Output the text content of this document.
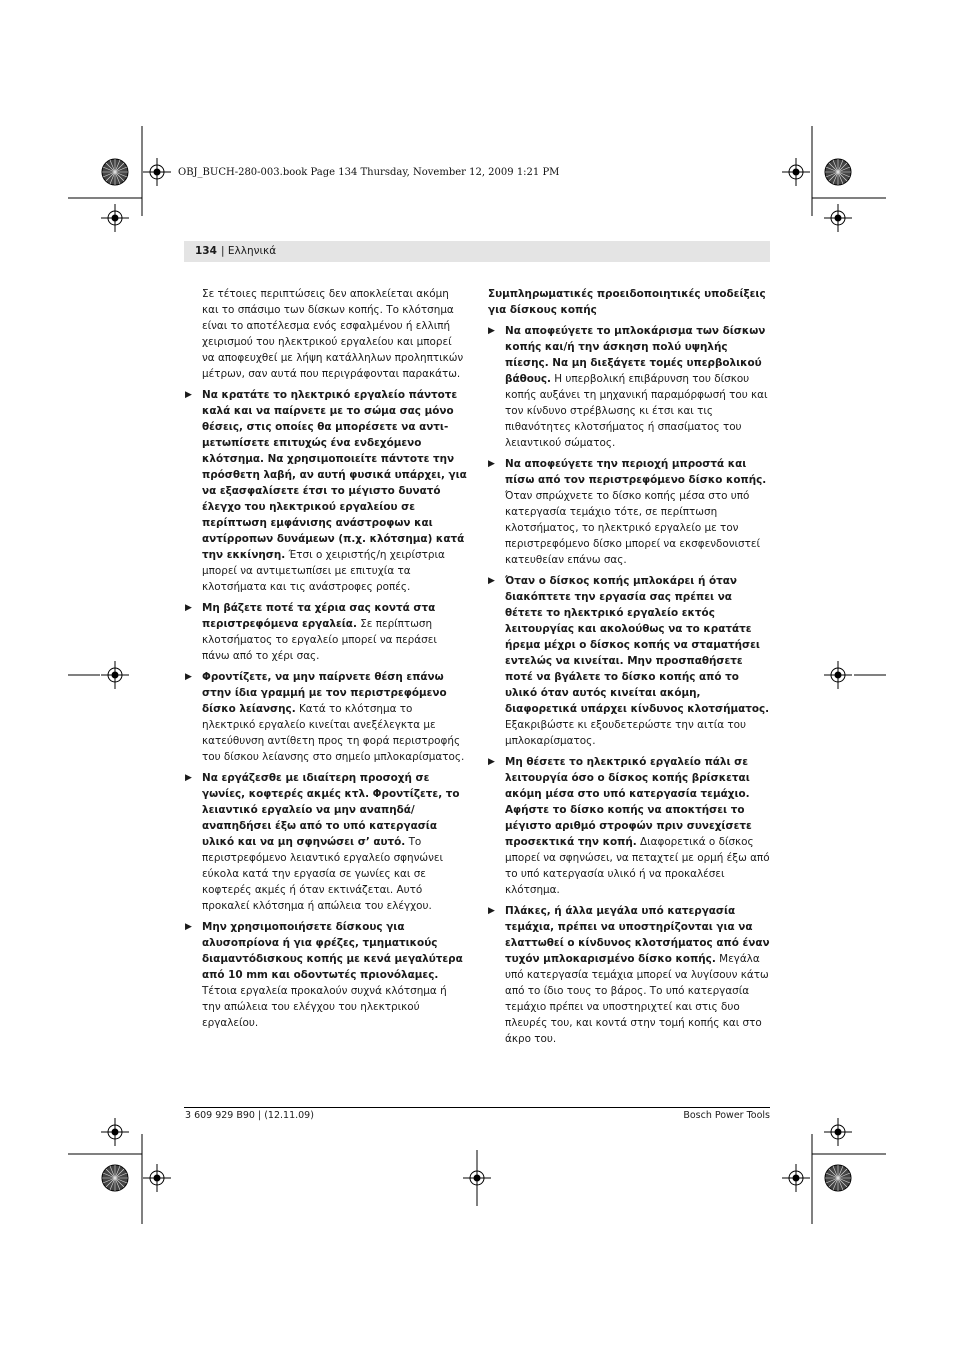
OBJ_BUCH-280-003.book Page 134 Thursday, November 12, 2009 1:21 PM
134 | Ελληνικά

Σε τέτοιες περιπτώσεις δεν αποκλείεται ακόμη και το σπάσιμο των δίσκων κοπής. Το κλότσημα είναι το αποτέλεσμα ενός εσφαλμένου ή ελλιπή χειρισμού του ηλεκτρικού εργαλείου και μπορεί να αποφευχθεί με λήψη κατάλληλων προληπτικών μέτρων, σαν αυτά που περιγράφονται παρακάτω.

▶ Να κρατάτε το ηλεκτρικό εργαλείο πάντοτε καλά και να παίρνετε με το σώμα σας μόνο θέσεις, στις οποίες θα μπορέσετε να αντιμετωπίσετε επιτυχώς ένα ενδεχόμενο κλότσημα. Να χρησιμοποιείτε πάντοτε την πρόσθετη λαβή, αν αυτή φυσικά υπάρχει, για να εξασφαλίσετε έτσι το μέγιστο δυνατό έλεγχο του ηλεκτρικού εργαλείου σε περίπτωση εμφάνισης ανάστροφων και αντίρροπων δυνάμεων (π.χ. κλότσημα) κατά την εκκίνηση. Έτσι ο χειριστής/η χειρίστρια μπορεί να αντιμετωπίσει με επιτυχία τα κλοτσήματα και τις ανάστροφες ροπές.

▶ Μη βάζετε ποτέ τα χέρια σας κοντά στα περιστρεφόμενα εργαλεία. Σε περίπτωση κλοτσήματος το εργαλείο μπορεί να περάσει πάνω από το χέρι σας.

▶ Φροντίζετε, να μην παίρνετε θέση επάνω στην ίδια γραμμή με τον περιστρεφόμενο δίσκο λείανσης. Κατά το κλότσημα το ηλεκτρικό εργαλείο κινείται ανεξέλεγκτα με κατεύθυνση αντίθετη προς τη φορά περιστροφής του δίσκου λείανσης στο σημείο μπλοκαρίσματος.

▶ Να εργάζεσθε με ιδιαίτερη προσοχή σε γωνίες, κοφτερές ακμές κτλ. Φροντίζετε, το λειαντικό εργαλείο να μην αναπηδά/αναπηδήσει έξω από το υπό κατεργασία υλικό και να μη σφηνώσει σ’ αυτό. Το περιστρεφόμενο λειαντικό εργαλείο σφηνώνει εύκολα κατά την εργασία σε γωνίες και σε κοφτερές ακμές ή όταν εκτινάζεται. Αυτό προκαλεί κλότσημα ή απώλεια του ελέγχου.

▶ Μην χρησιμοποιήσετε δίσκους για αλυσοπρίονα ή για φρέζες, τμηματικούς διαμαντόδισκους κοπής με κενά μεγαλύτερα από 10 mm και οδοντωτές πριονόλαμες. Τέτοια εργαλεία προκαλούν συχνά κλότσημα ή την απώλεια του ελέγχου του ηλεκτρικού εργαλείου.

Συμπληρωματικές προειδοποιητικές υποδείξεις για δίσκους κοπής

▶ Να αποφεύγετε το μπλοκάρισμα των δίσκων κοπής και/ή την άσκηση πολύ υψηλής πίεσης. Να μη διεξάγετε τομές υπερβολικού βάθους. Η υπερβολική επιβάρυνση του δίσκου κοπής αυξάνει τη μηχανική παραμόρφωσή του και τον κίνδυνο στρέβλωσης κι έτσι και τις πιθανότητες κλοτσήματος ή σπασίματος του λειαντικού σώματος.

▶ Να αποφεύγετε την περιοχή μπροστά και πίσω από τον περιστρεφόμενο δίσκο κοπής. Όταν σπρώχνετε το δίσκο κοπής μέσα στο υπό κατεργασία τεμάχιο τότε, σε περίπτωση κλοτσήματος, το ηλεκτρικό εργαλείο με τον περιστρεφόμενο δίσκο μπορεί να εκσφενδονιστεί κατευθείαν επάνω σας.

▶ Όταν ο δίσκος κοπής μπλοκάρει ή όταν διακόπτετε την εργασία σας πρέπει να θέτετε το ηλεκτρικό εργαλείο εκτός λειτουργίας και ακολούθως να το κρατάτε ήρεμα μέχρι ο δίσκος κοπής να σταματήσει εντελώς να κινείται. Μην προσπαθήσετε ποτέ να βγάλετε το δίσκο κοπής από το υλικό όταν αυτός κινείται ακόμη, διαφορετικά υπάρχει κίνδυνος κλοτσήματος. Εξακριβώστε κι εξουδετερώστε την αιτία του μπλοκαρίσματος.

▶ Μη θέσετε το ηλεκτρικό εργαλείο πάλι σε λειτουργία όσο ο δίσκος κοπής βρίσκεται ακόμη μέσα στο υπό κατεργασία τεμάχιο. Αφήστε το δίσκο κοπής να αποκτήσει το μέγιστο αριθμό στροφών πριν συνεχίσετε προσεκτικά την κοπή. Διαφορετικά ο δίσκος μπορεί να σφηνώσει, να πεταχτεί με ορμή έξω από το υπό κατεργασία υλικό ή να προκαλέσει κλότσημα.

▶ Πλάκες, ή άλλα μεγάλα υπό κατεργασία τεμάχια, πρέπει να υποστηρίζονται για να ελαττωθεί ο κίνδυνος κλοτσήματος από έναν τυχόν μπλοκαρισμένο δίσκο κοπής. Μεγάλα υπό κατεργασία τεμάχια μπορεί να λυγίσουν κάτω από το ίδιο τους το βάρος. Το υπό κατεργασία τεμάχιο πρέπει να υποστηριχτεί και στις δυο πλευρές του, και κοντά στην τομή κοπής και στο άκρο του.

3 609 929 B90 | (12.11.09)	Bosch Power Tools
